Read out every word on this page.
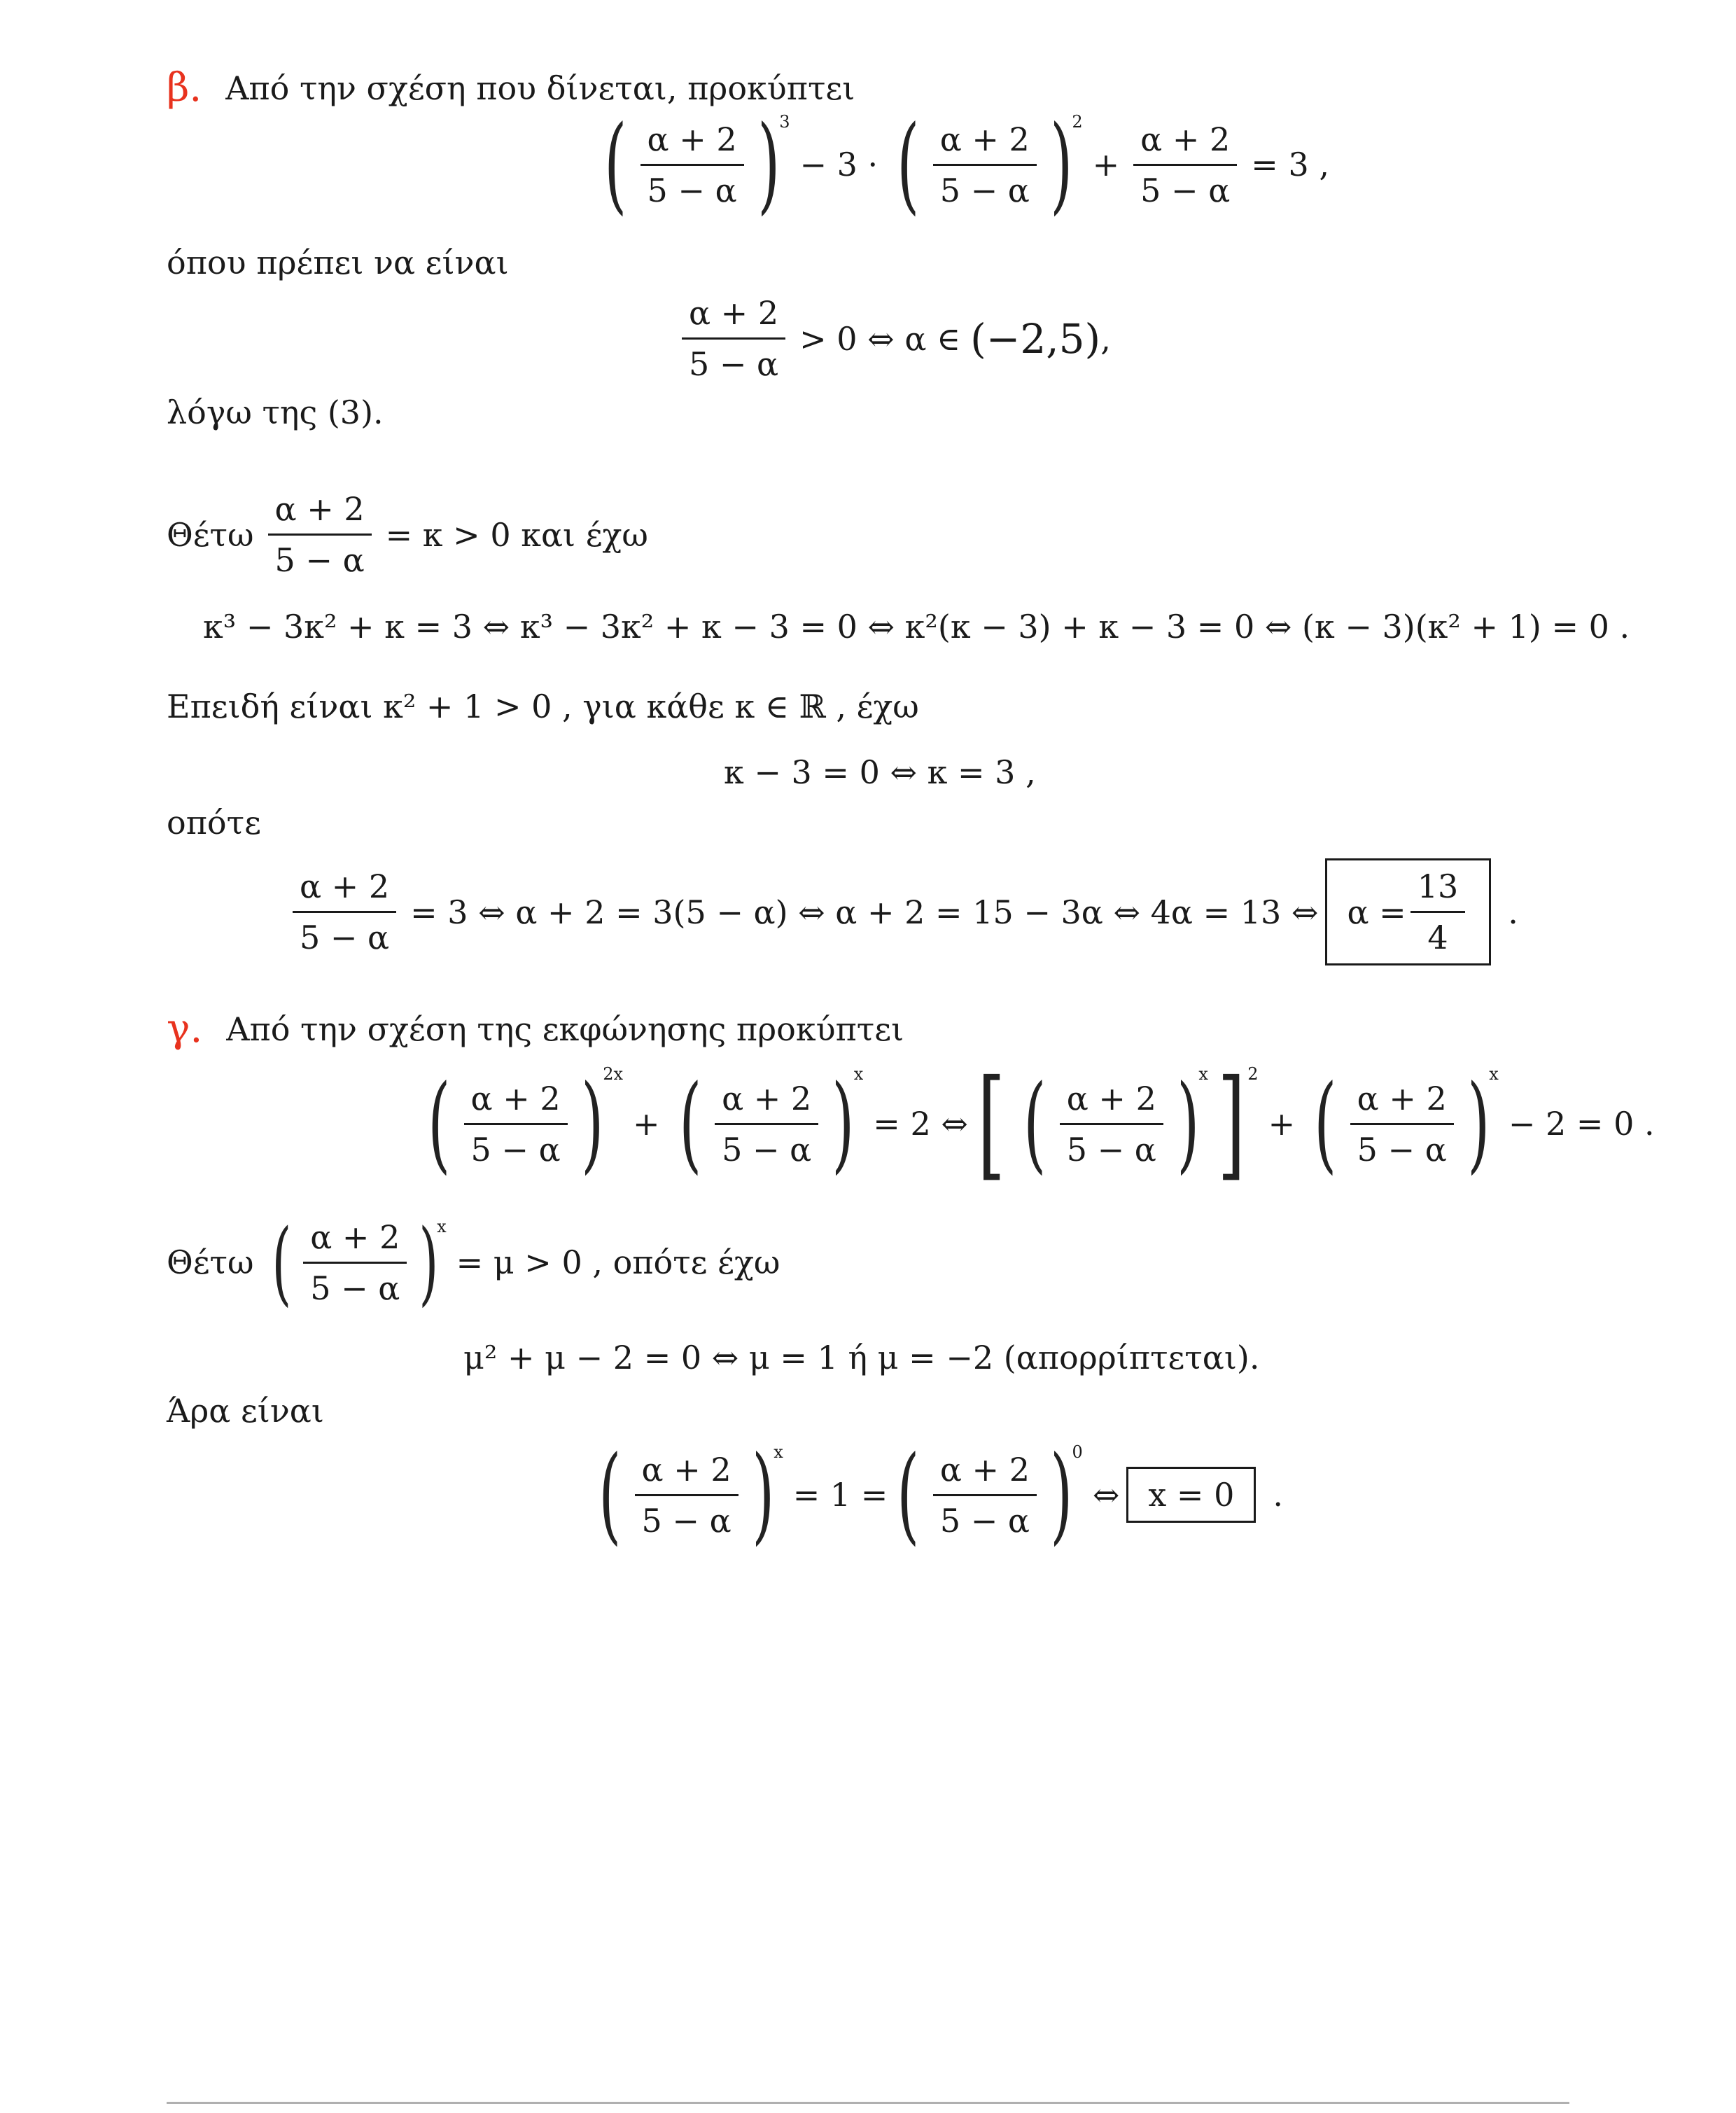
β. Από την σχέση που δίνεται, προκύπτει
( $\frac{\alpha + 2}{5 - \alpha}$ ) 3
− 3 · ( $\frac{\alpha + 2}{5 - \alpha}$ ) 2
+ $\frac{\alpha + 2}{5 - \alpha} = 3$ ,
όπου πρέπει να είναι
$\frac{\alpha + 2}{5 - \alpha} > 0$ ⇔ α ∈ (−2,5) ,
λόγω της (3).
Θέτω $\frac{\alpha + 2}{5 - \alpha} = \kappa > 0$ και έχω
κ³ − 3κ² + κ = 3 ⇔ κ³ − 3κ² + κ − 3 = 0 ⇔ κ²(κ − 3) + κ − 3 = 0 ⇔ (κ − 3)(κ² + 1) = 0 .
Επειδή είναι κ² + 1 > 0 , για κάθε κ ∈ ℝ , έχω
κ − 3 = 0 ⇔ κ = 3 ,
οπότε
$\frac{\alpha + 2}{5 - \alpha} = 3$ ⇔ α + 2 = 3(5 − α) ⇔ α + 2 = 15 − 3α ⇔ 4α = 13 ⇔ $\alpha = \frac{13}{4}$ .
γ. Από την σχέση της εκφώνησης προκύπτει
( $\frac{\alpha + 2}{5 - \alpha}$ ) 2x
+ ( $\frac{\alpha + 2}{5 - \alpha}$ ) x
= 2 ⇔ [ ( $\frac{\alpha + 2}{5 - \alpha}$ ) x ] 2
+ ( $\frac{\alpha + 2}{5 - \alpha}$ ) x
− 2 = 0 .
Θέτω ( $\frac{\alpha + 2}{5 - \alpha}$ )
x
= μ > 0 , οπότε έχω
μ² + μ − 2 = 0 ⇔ μ = 1 ή μ = −2 (απορρίπτεται).
Άρα είναι
( $\frac{\alpha + 2}{5 - \alpha}$ ) x
= 1 = ( $\frac{\alpha + 2}{5 - \alpha}$ ) 0
⇔ x = 0 .
